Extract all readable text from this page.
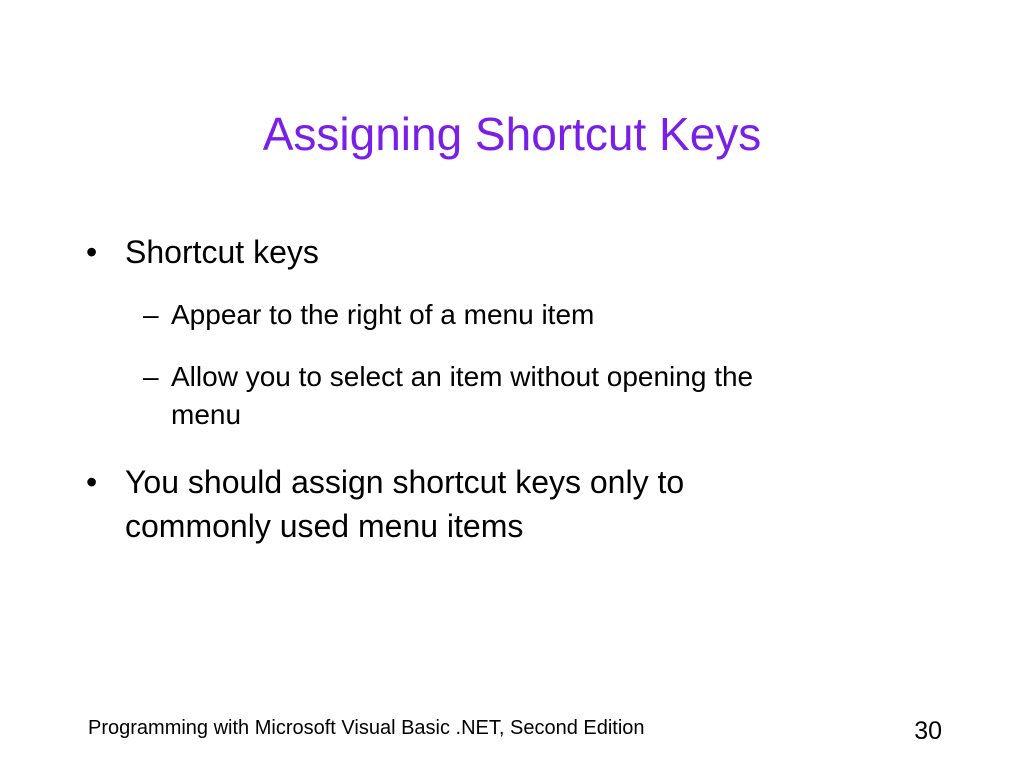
Assigning Shortcut Keys
• Shortcut keys
– Appear to the right of a menu item
– Allow you to select an item without opening the
menu
• You should assign shortcut keys only to
commonly used menu items
Programming with Microsoft Visual Basic .NET, Second Edition	30
